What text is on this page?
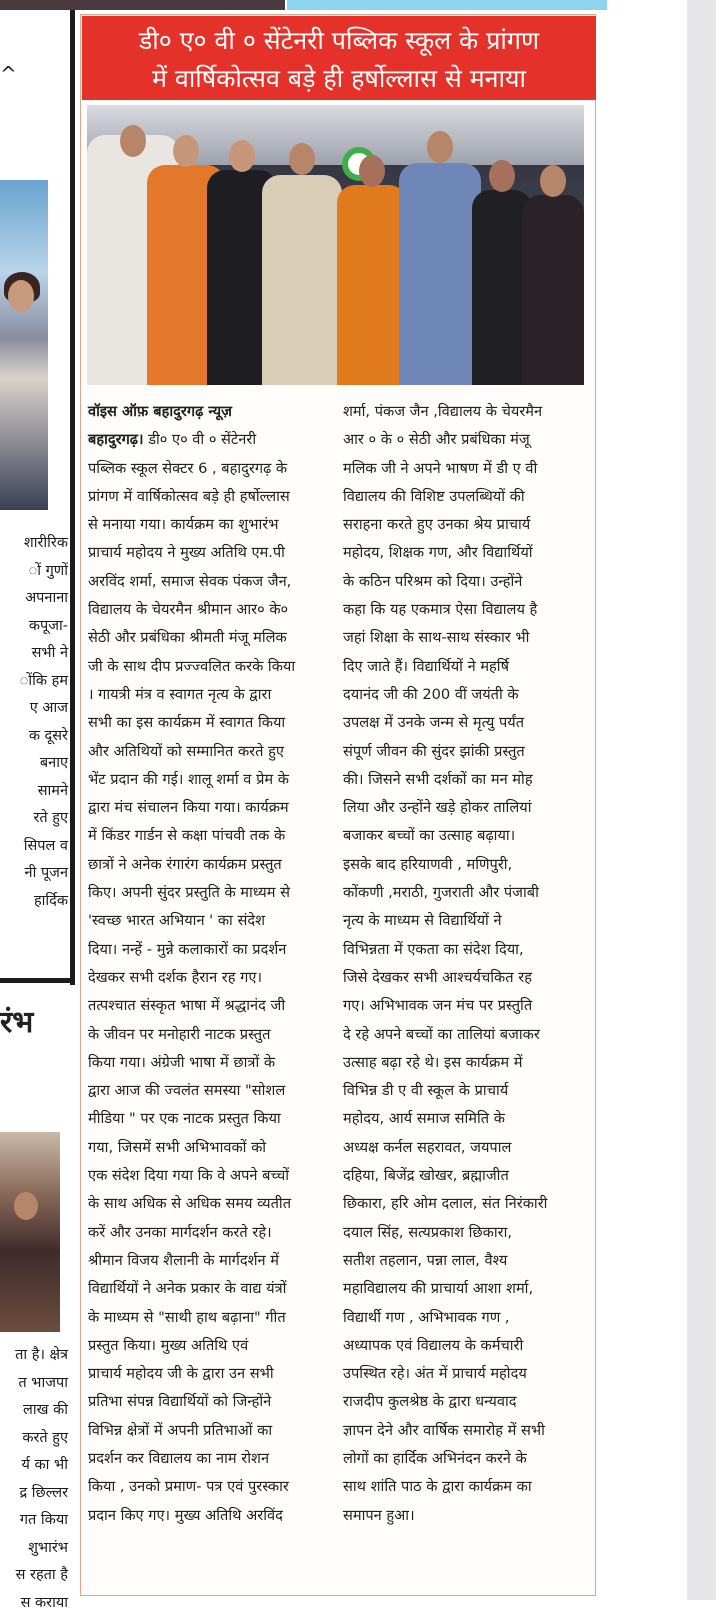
^
शारीरिक
ों गुणों
अपनाना
कपूजा-
सभी ने
ोंकि हम
ए आज
क दूसरे
बनाए
सामने
रते हुए
सिपल व
नी पूजन
हार्दिक
रंभ
ता है। क्षेत्र
त भाजपा
लाख की
करते हुए
र्य का भी
द्र छिल्लर
गत किया
शुभारंभ
स रहता है
स कराया
डी० ए० वी ० सेंटेनरी पब्लिक स्कूल के प्रांगण
में वार्षिकोत्सव बड़े ही हर्षोल्लास से मनाया
वॉइस ऑफ़ बहादुरगढ़ न्यूज़
बहादुरगढ़। डी० ए० वी ० सेंटेनरी
पब्लिक स्कूल सेक्टर 6 , बहादुरगढ़ के
प्रांगण में वार्षिकोत्सव बड़े ही हर्षोल्लास
से मनाया गया। कार्यक्रम का शुभारंभ
प्राचार्य महोदय ने मुख्य अतिथि एम.पी
अरविंद शर्मा, समाज सेवक पंकज जैन,
विद्यालय के चेयरमैन श्रीमान आर० के०
सेठी और प्रबंधिका श्रीमती मंजू मलिक
जी के साथ दीप प्रज्ज्वलित करके किया
। गायत्री मंत्र व स्वागत नृत्य के द्वारा
सभी का इस कार्यक्रम में स्वागत किया
और अतिथियों को सम्मानित करते हुए
भेंट प्रदान की गई। शालू शर्मा व प्रेम के
द्वारा मंच संचालन किया गया। कार्यक्रम
में किंडर गार्डन से कक्षा पांचवी तक के
छात्रों ने अनेक रंगारंग कार्यक्रम प्रस्तुत
किए। अपनी सुंदर प्रस्तुति के माध्यम से
'स्वच्छ भारत अभियान ' का संदेश
दिया। नन्हें - मुन्ने कलाकारों का प्रदर्शन
देखकर सभी दर्शक हैरान रह गए।
तत्पश्चात संस्कृत भाषा में श्रद्धानंद जी
के जीवन पर मनोहारी नाटक प्रस्तुत
किया गया। अंग्रेजी भाषा में छात्रों के
द्वारा आज की ज्वलंत समस्या "सोशल
मीडिया " पर एक नाटक प्रस्तुत किया
गया, जिसमें सभी अभिभावकों को
एक संदेश दिया गया कि वे अपने बच्चों
के साथ अधिक से अधिक समय व्यतीत
करें और उनका मार्गदर्शन करते रहे।
श्रीमान विजय शैलानी के मार्गदर्शन में
विद्यार्थियों ने अनेक प्रकार के वाद्य यंत्रों
के माध्यम से "साथी हाथ बढ़ाना" गीत
प्रस्तुत किया। मुख्य अतिथि एवं
प्राचार्य महोदय जी के द्वारा उन सभी
प्रतिभा संपन्न विद्यार्थियों को जिन्होंने
विभिन्न क्षेत्रों में अपनी प्रतिभाओं का
प्रदर्शन कर विद्यालय का नाम रोशन
किया , उनको प्रमाण- पत्र एवं पुरस्कार
प्रदान किए गए। मुख्य अतिथि अरविंद
शर्मा, पंकज जैन ,विद्यालय के चेयरमैन
आर ० के ० सेठी और प्रबंधिका मंजू
मलिक जी ने अपने भाषण में डी ए वी
विद्यालय की विशिष्ट उपलब्धियों की
सराहना करते हुए उनका श्रेय प्राचार्य
महोदय, शिक्षक गण, और विद्यार्थियों
के कठिन परिश्रम को दिया। उन्होंने
कहा कि यह एकमात्र ऐसा विद्यालय है
जहां शिक्षा के साथ-साथ संस्कार भी
दिए जाते हैं। विद्यार्थियों ने महर्षि
दयानंद जी की 200 वीं जयंती के
उपलक्ष में उनके जन्म से मृत्यु पर्यंत
संपूर्ण जीवन की सुंदर झांकी प्रस्तुत
की। जिसने सभी दर्शकों का मन मोह
लिया और उन्होंने खड़े होकर तालियां
बजाकर बच्चों का उत्साह बढ़ाया।
इसके बाद हरियाणवी , मणिपुरी,
कोंकणी ,मराठी, गुजराती और पंजाबी
नृत्य के माध्यम से विद्यार्थियों ने
विभिन्नता में एकता का संदेश दिया,
जिसे देखकर सभी आश्चर्यचकित रह
गए। अभिभावक जन मंच पर प्रस्तुति
दे रहे अपने बच्चों का तालियां बजाकर
उत्साह बढ़ा रहे थे। इस कार्यक्रम में
विभिन्न डी ए वी स्कूल के प्राचार्य
महोदय, आर्य समाज समिति के
अध्यक्ष कर्नल सहरावत, जयपाल
दहिया, बिजेंद्र खोखर, ब्रह्माजीत
छिकारा, हरि ओम दलाल, संत निरंकारी
दयाल सिंह, सत्यप्रकाश छिकारा,
सतीश तहलान, पन्ना लाल, वैश्य
महाविद्यालय की प्राचार्या आशा शर्मा,
विद्यार्थी गण , अभिभावक गण ,
अध्यापक एवं विद्यालय के कर्मचारी
उपस्थित रहे। अंत में प्राचार्य महोदय
राजदीप कुलश्रेष्ठ के द्वारा धन्यवाद
ज्ञापन देने और वार्षिक समारोह में सभी
लोगों का हार्दिक अभिनंदन करने के
साथ शांति पाठ के द्वारा कार्यक्रम का
समापन हुआ।
